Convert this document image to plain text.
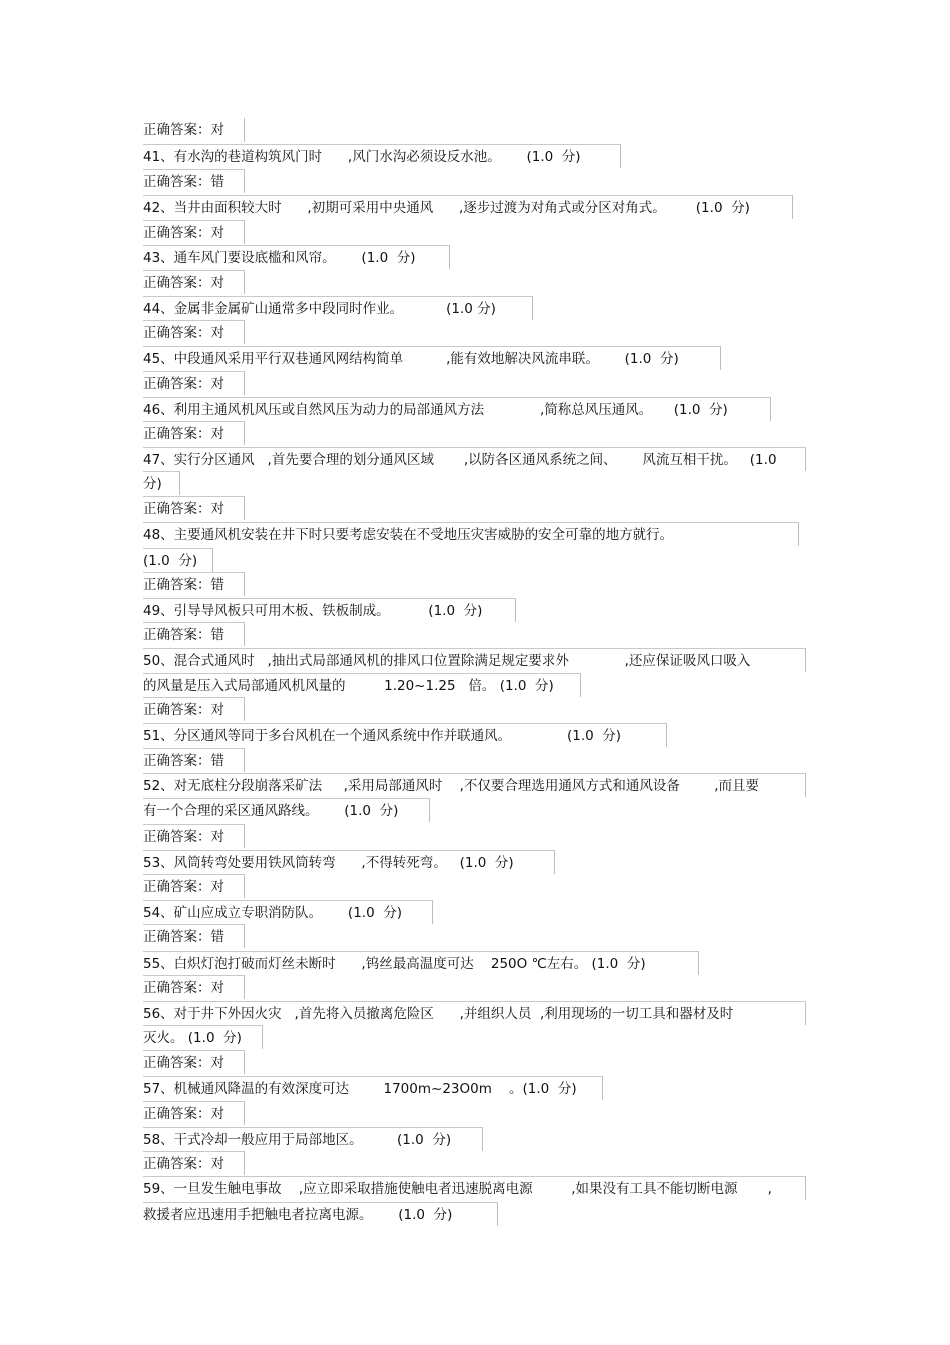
正确答案：对
41、有水沟的巷道构筑风门时      ,风门水沟必须设反水池。      (1.0  分)
正确答案：错
42、当井由面积较大时      ,初期可采用中央通风      ,逐步过渡为对角式或分区对角式。       (1.0  分)
正确答案：对
43、通车风门要设底槛和风帘。      (1.0  分)
正确答案：对
44、金属非金属矿山通常多中段同时作业。          (1.0 分)
正确答案：对
45、中段通风采用平行双巷通风网结构简单          ,能有效地解决风流串联。      (1.0  分)
正确答案：对
46、利用主通风机风压或自然风压为动力的局部通风方法             ,简称总风压通风。     (1.0  分)
正确答案：对
47、实行分区通风   ,首先要合理的划分通风区域       ,以防各区通风系统之间、      风流互相干扰。   (1.0
分)
正确答案：对
48、主要通风机安装在井下时只要考虑安装在不受地压灾害威胁的安全可靠的地方就行。
(1.0  分)
正确答案：错
49、引导导风板只可用木板、铁板制成。         (1.0  分)
正确答案：错
50、混合式通风时   ,抽出式局部通风机的排风口位置除满足规定要求外             ,还应保证吸风口吸入
的风量是压入式局部通风机风量的         1.20~1.25   倍。 (1.0  分)
正确答案：对
51、分区通风等同于多台风机在一个通风系统中作并联通风。             (1.0  分)
正确答案：错
52、对无底柱分段崩落采矿法     ,采用局部通风时    ,不仅要合理选用通风方式和通风设备        ,而且要
有一个合理的采区通风路线。      (1.0  分)
正确答案：对
53、风筒转弯处要用铁风筒转弯      ,不得转死弯。   (1.0  分)
正确答案：对
54、矿山应成立专职消防队。      (1.0  分)
正确答案：错
55、白炽灯泡打破而灯丝未断时      ,钨丝最高温度可达    250O ℃左右。 (1.0  分)
正确答案：对
56、对于井下外因火灾   ,首先将入员撤离危险区      ,并组织人员  ,利用现场的一切工具和器材及时
灭火。 (1.0  分)
正确答案：对
57、机械通风降温的有效深度可达        1700m~23O0m    。(1.0  分)
正确答案：对
58、干式冷却一般应用于局部地区。        (1.0  分)
正确答案：对
59、一旦发生触电事故    ,应立即采取措施使触电者迅速脱离电源         ,如果没有工具不能切断电源       ,
救援者应迅速用手把触电者拉离电源。      (1.0  分)
